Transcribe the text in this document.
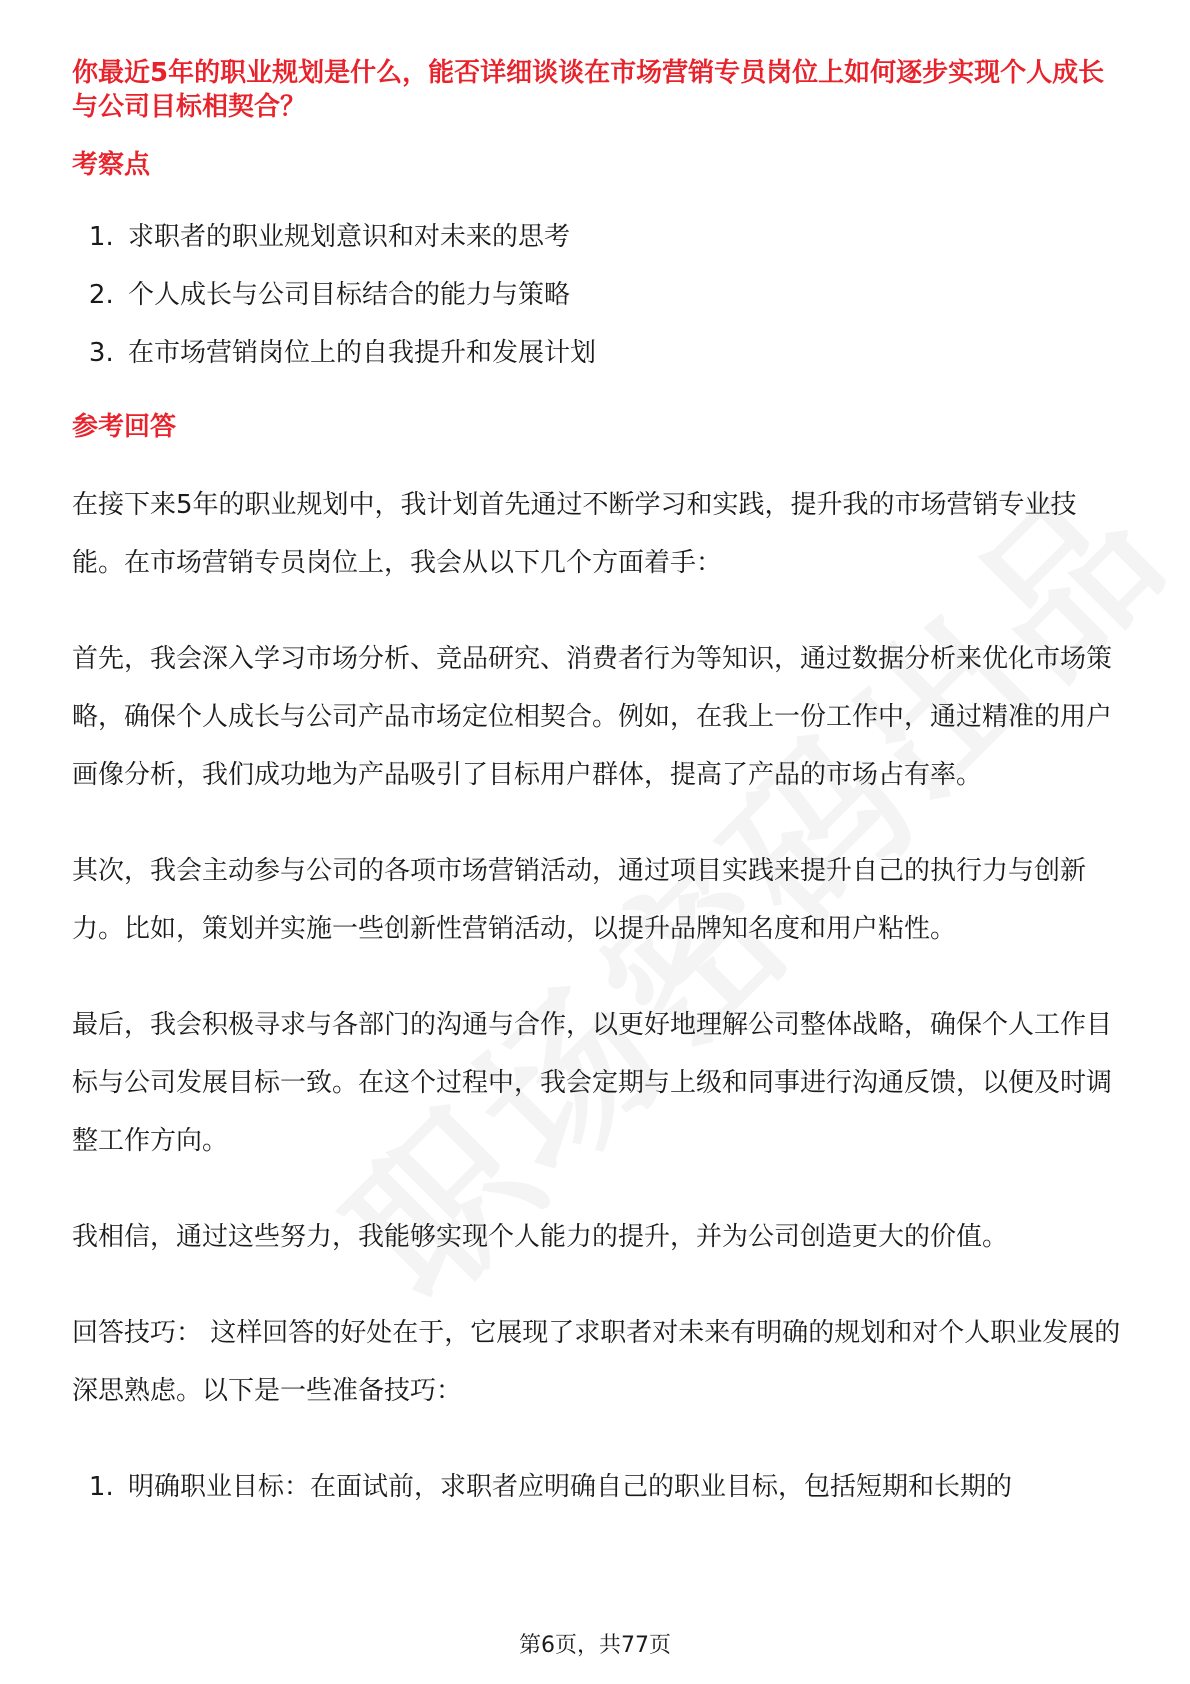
你最近5年的职业规划是什么，能否详细谈谈在市场营销专员岗位上如何逐步实现个人成长与公司目标相契合？
考察点
1. 求职者的职业规划意识和对未来的思考
2. 个人成长与公司目标结合的能力与策略
3. 在市场营销岗位上的自我提升和发展计划
参考回答

在接下来5年的职业规划中，我计划首先通过不断学习和实践，提升我的市场营销专业技能。在市场营销专员岗位上，我会从以下几个方面着手：

首先，我会深入学习市场分析、竞品研究、消费者行为等知识，通过数据分析来优化市场策略，确保个人成长与公司产品市场定位相契合。例如，在我上一份工作中，通过精准的用户画像分析，我们成功地为产品吸引了目标用户群体，提高了产品的市场占有率。

其次，我会主动参与公司的各项市场营销活动，通过项目实践来提升自己的执行力与创新力。比如，策划并实施一些创新性营销活动，以提升品牌知名度和用户粘性。

最后，我会积极寻求与各部门的沟通与合作，以更好地理解公司整体战略，确保个人工作目标与公司发展目标一致。在这个过程中，我会定期与上级和同事进行沟通反馈，以便及时调整工作方向。

我相信，通过这些努力，我能够实现个人能力的提升，并为公司创造更大的价值。

回答技巧： 这样回答的好处在于，它展现了求职者对未来有明确的规划和对个人职业发展的深思熟虑。以下是一些准备技巧：

1. 明确职业目标：在面试前，求职者应明确自己的职业目标，包括短期和长期的
第6页，共77页
